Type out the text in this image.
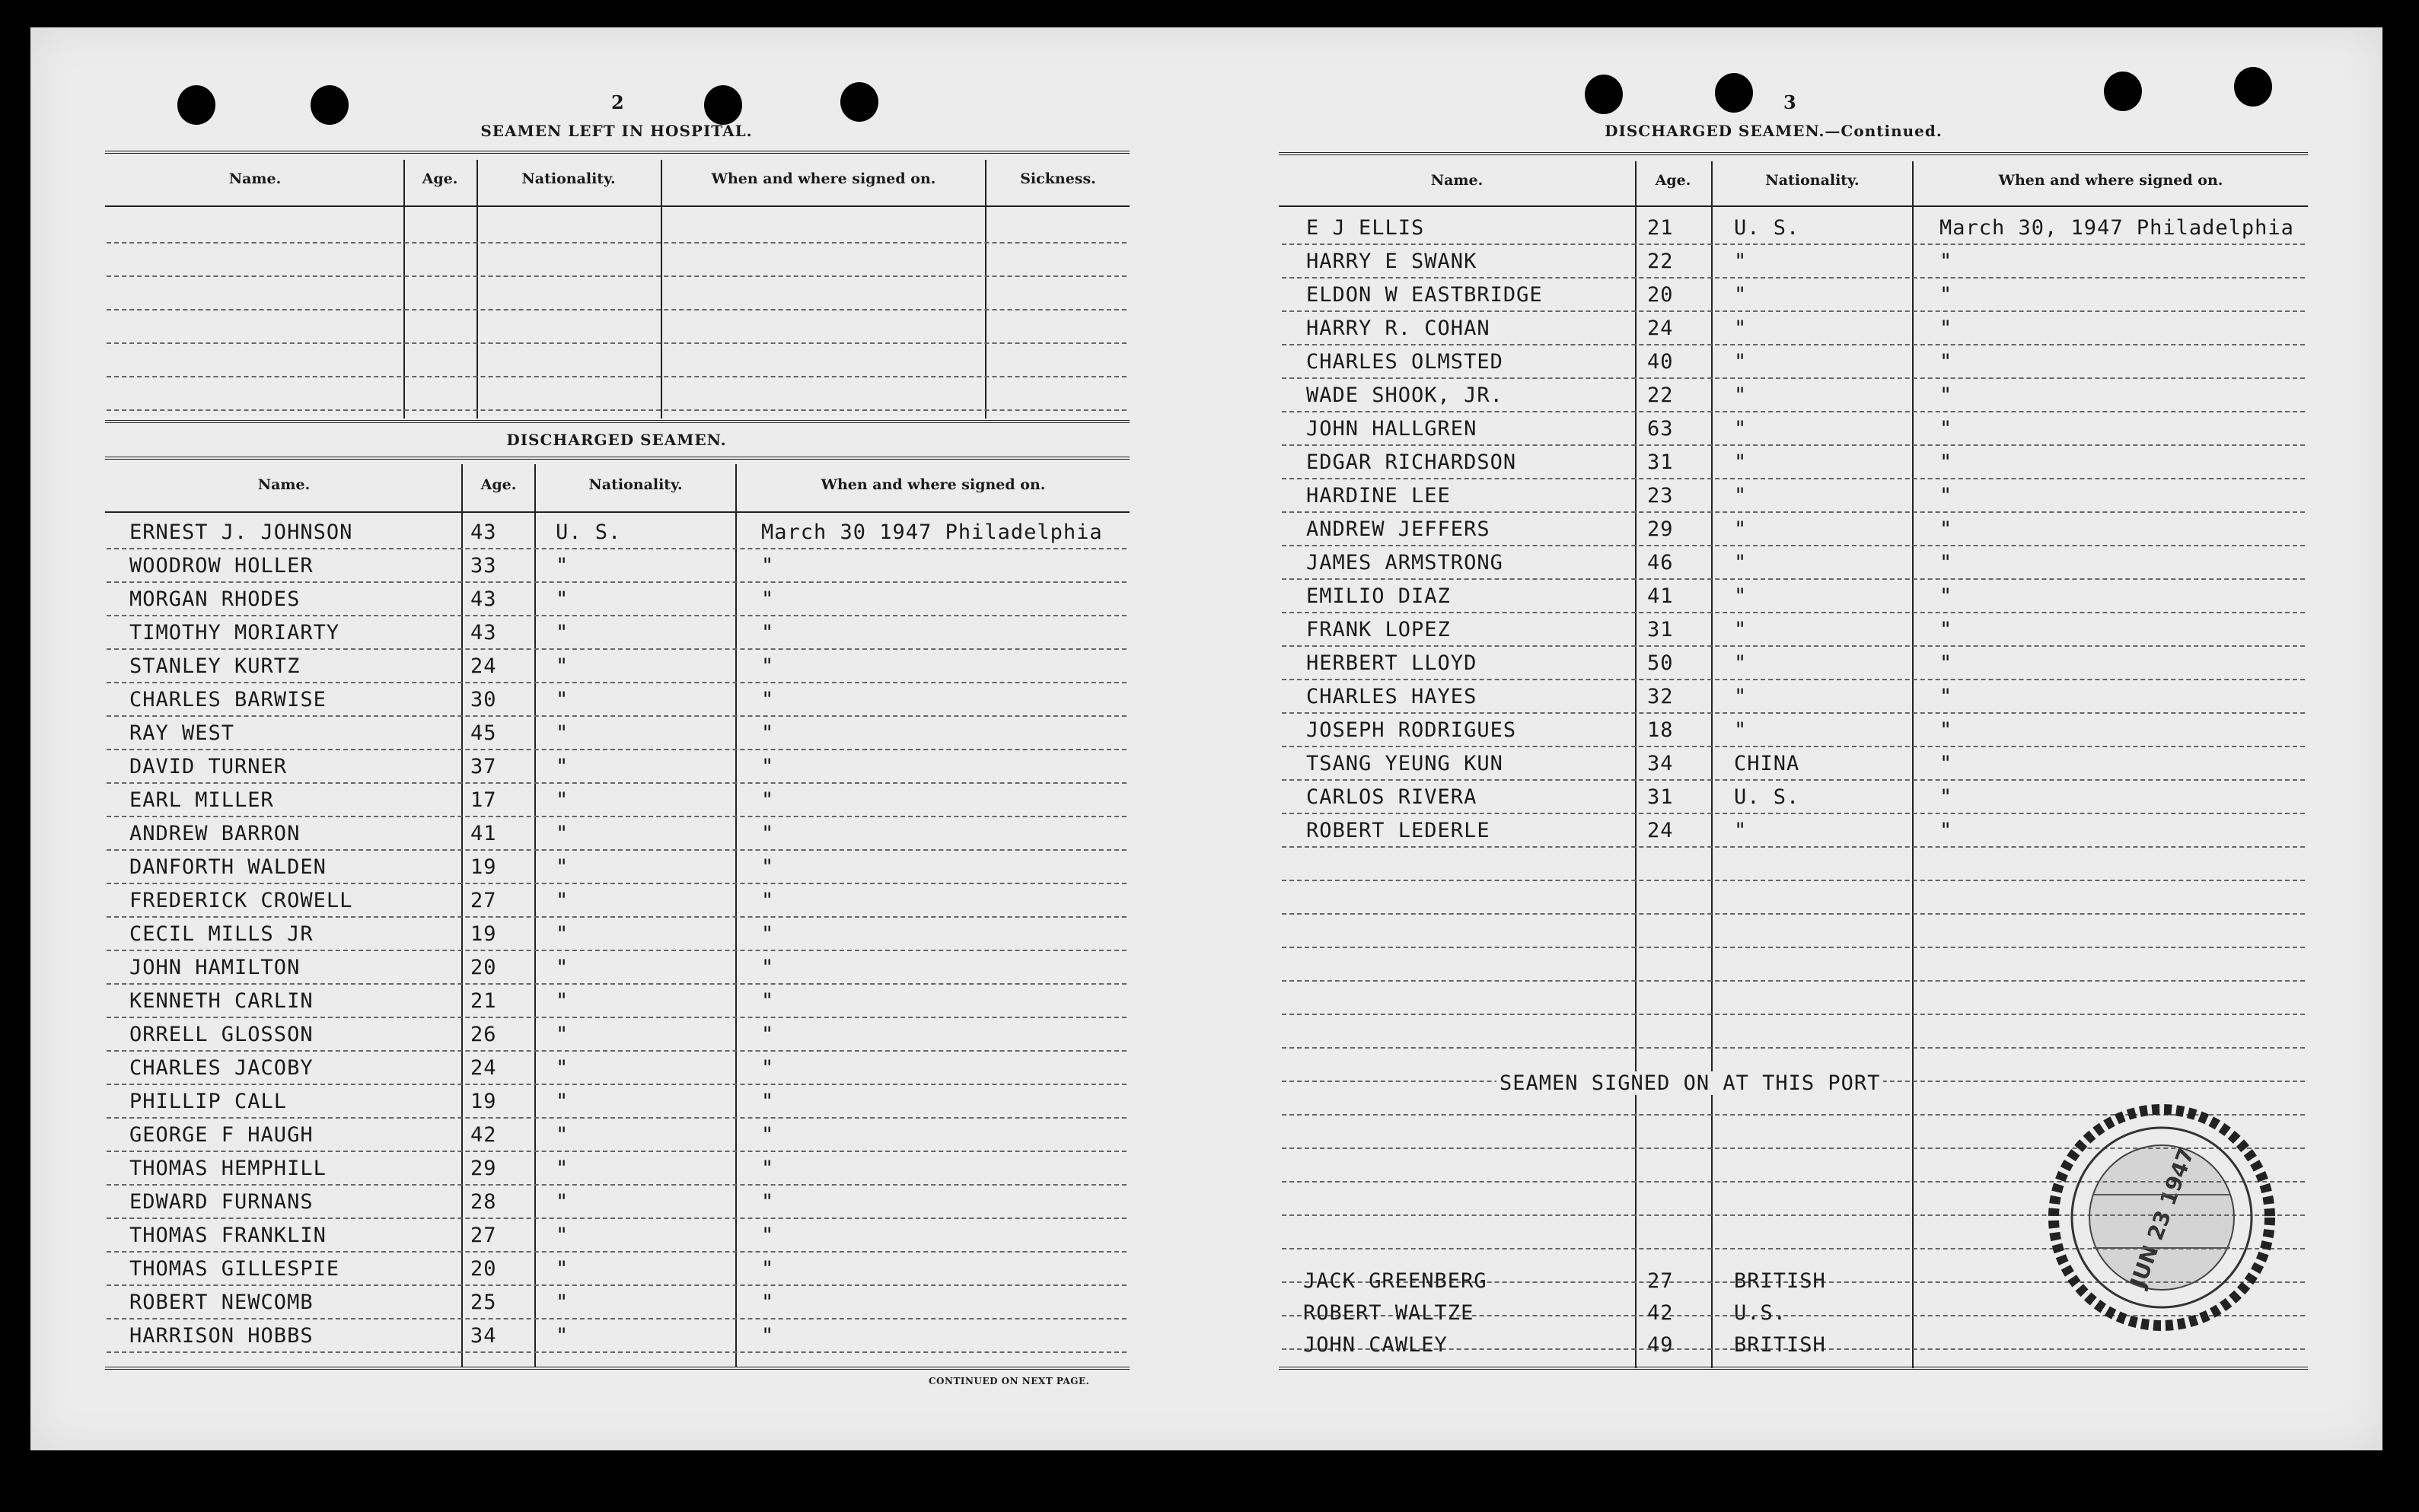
2
SEAMEN LEFT IN HOSPITAL.
Name.	Age.	Nationality.	When and where signed on.	Sickness.
DISCHARGED SEAMEN.
Name.	Age.	Nationality.	When and where signed on.
ERNEST J. JOHNSON	43	U. S.	March 30 1947 Philadelphia
WOODROW HOLLER	33	"	"
MORGAN RHODES	43	"	"
TIMOTHY MORIARTY	43	"	"
STANLEY KURTZ	24	"	"
CHARLES BARWISE	30	"	"
RAY WEST	45	"	"
DAVID TURNER	37	"	"
EARL MILLER	17	"	"
ANDREW BARRON	41	"	"
DANFORTH WALDEN	19	"	"
FREDERICK CROWELL	27	"	"
CECIL MILLS JR	19	"	"
JOHN HAMILTON	20	"	"
KENNETH CARLIN	21	"	"
ORRELL GLOSSON	26	"	"
CHARLES JACOBY	24	"	"
PHILLIP CALL	19	"	"
GEORGE F HAUGH	42	"	"
THOMAS HEMPHILL	29	"	"
EDWARD FURNANS	28	"	"
THOMAS FRANKLIN	27	"	"
THOMAS GILLESPIE	20	"	"
ROBERT NEWCOMB	25	"	"
HARRISON HOBBS	34	"	"
CONTINUED ON NEXT PAGE.
3
DISCHARGED SEAMEN.—Continued.
Name.	Age.	Nationality.	When and where signed on.
E J ELLIS	21	U. S.	March 30, 1947 Philadelphia
HARRY E SWANK	22	"	"
ELDON W EASTBRIDGE	20	"	"
HARRY R. COHAN	24	"	"
CHARLES OLMSTED	40	"	"
WADE SHOOK, JR.	22	"	"
JOHN HALLGREN	63	"	"
EDGAR RICHARDSON	31	"	"
HARDINE LEE	23	"	"
ANDREW JEFFERS	29	"	"
JAMES ARMSTRONG	46	"	"
EMILIO DIAZ	41	"	"
FRANK LOPEZ	31	"	"
HERBERT LLOYD	50	"	"
CHARLES HAYES	32	"	"
JOSEPH RODRIGUES	18	"	"
TSANG YEUNG KUN	34	CHINA	"
CARLOS RIVERA	31	U. S.	"
ROBERT LEDERLE	24	"	"
SEAMEN SIGNED ON AT THIS PORT
JACK GREENBERG	27	BRITISH
ROBERT WALTZE	42	U.S.
JOHN CAWLEY	49	BRITISH
JUN 23 1947
